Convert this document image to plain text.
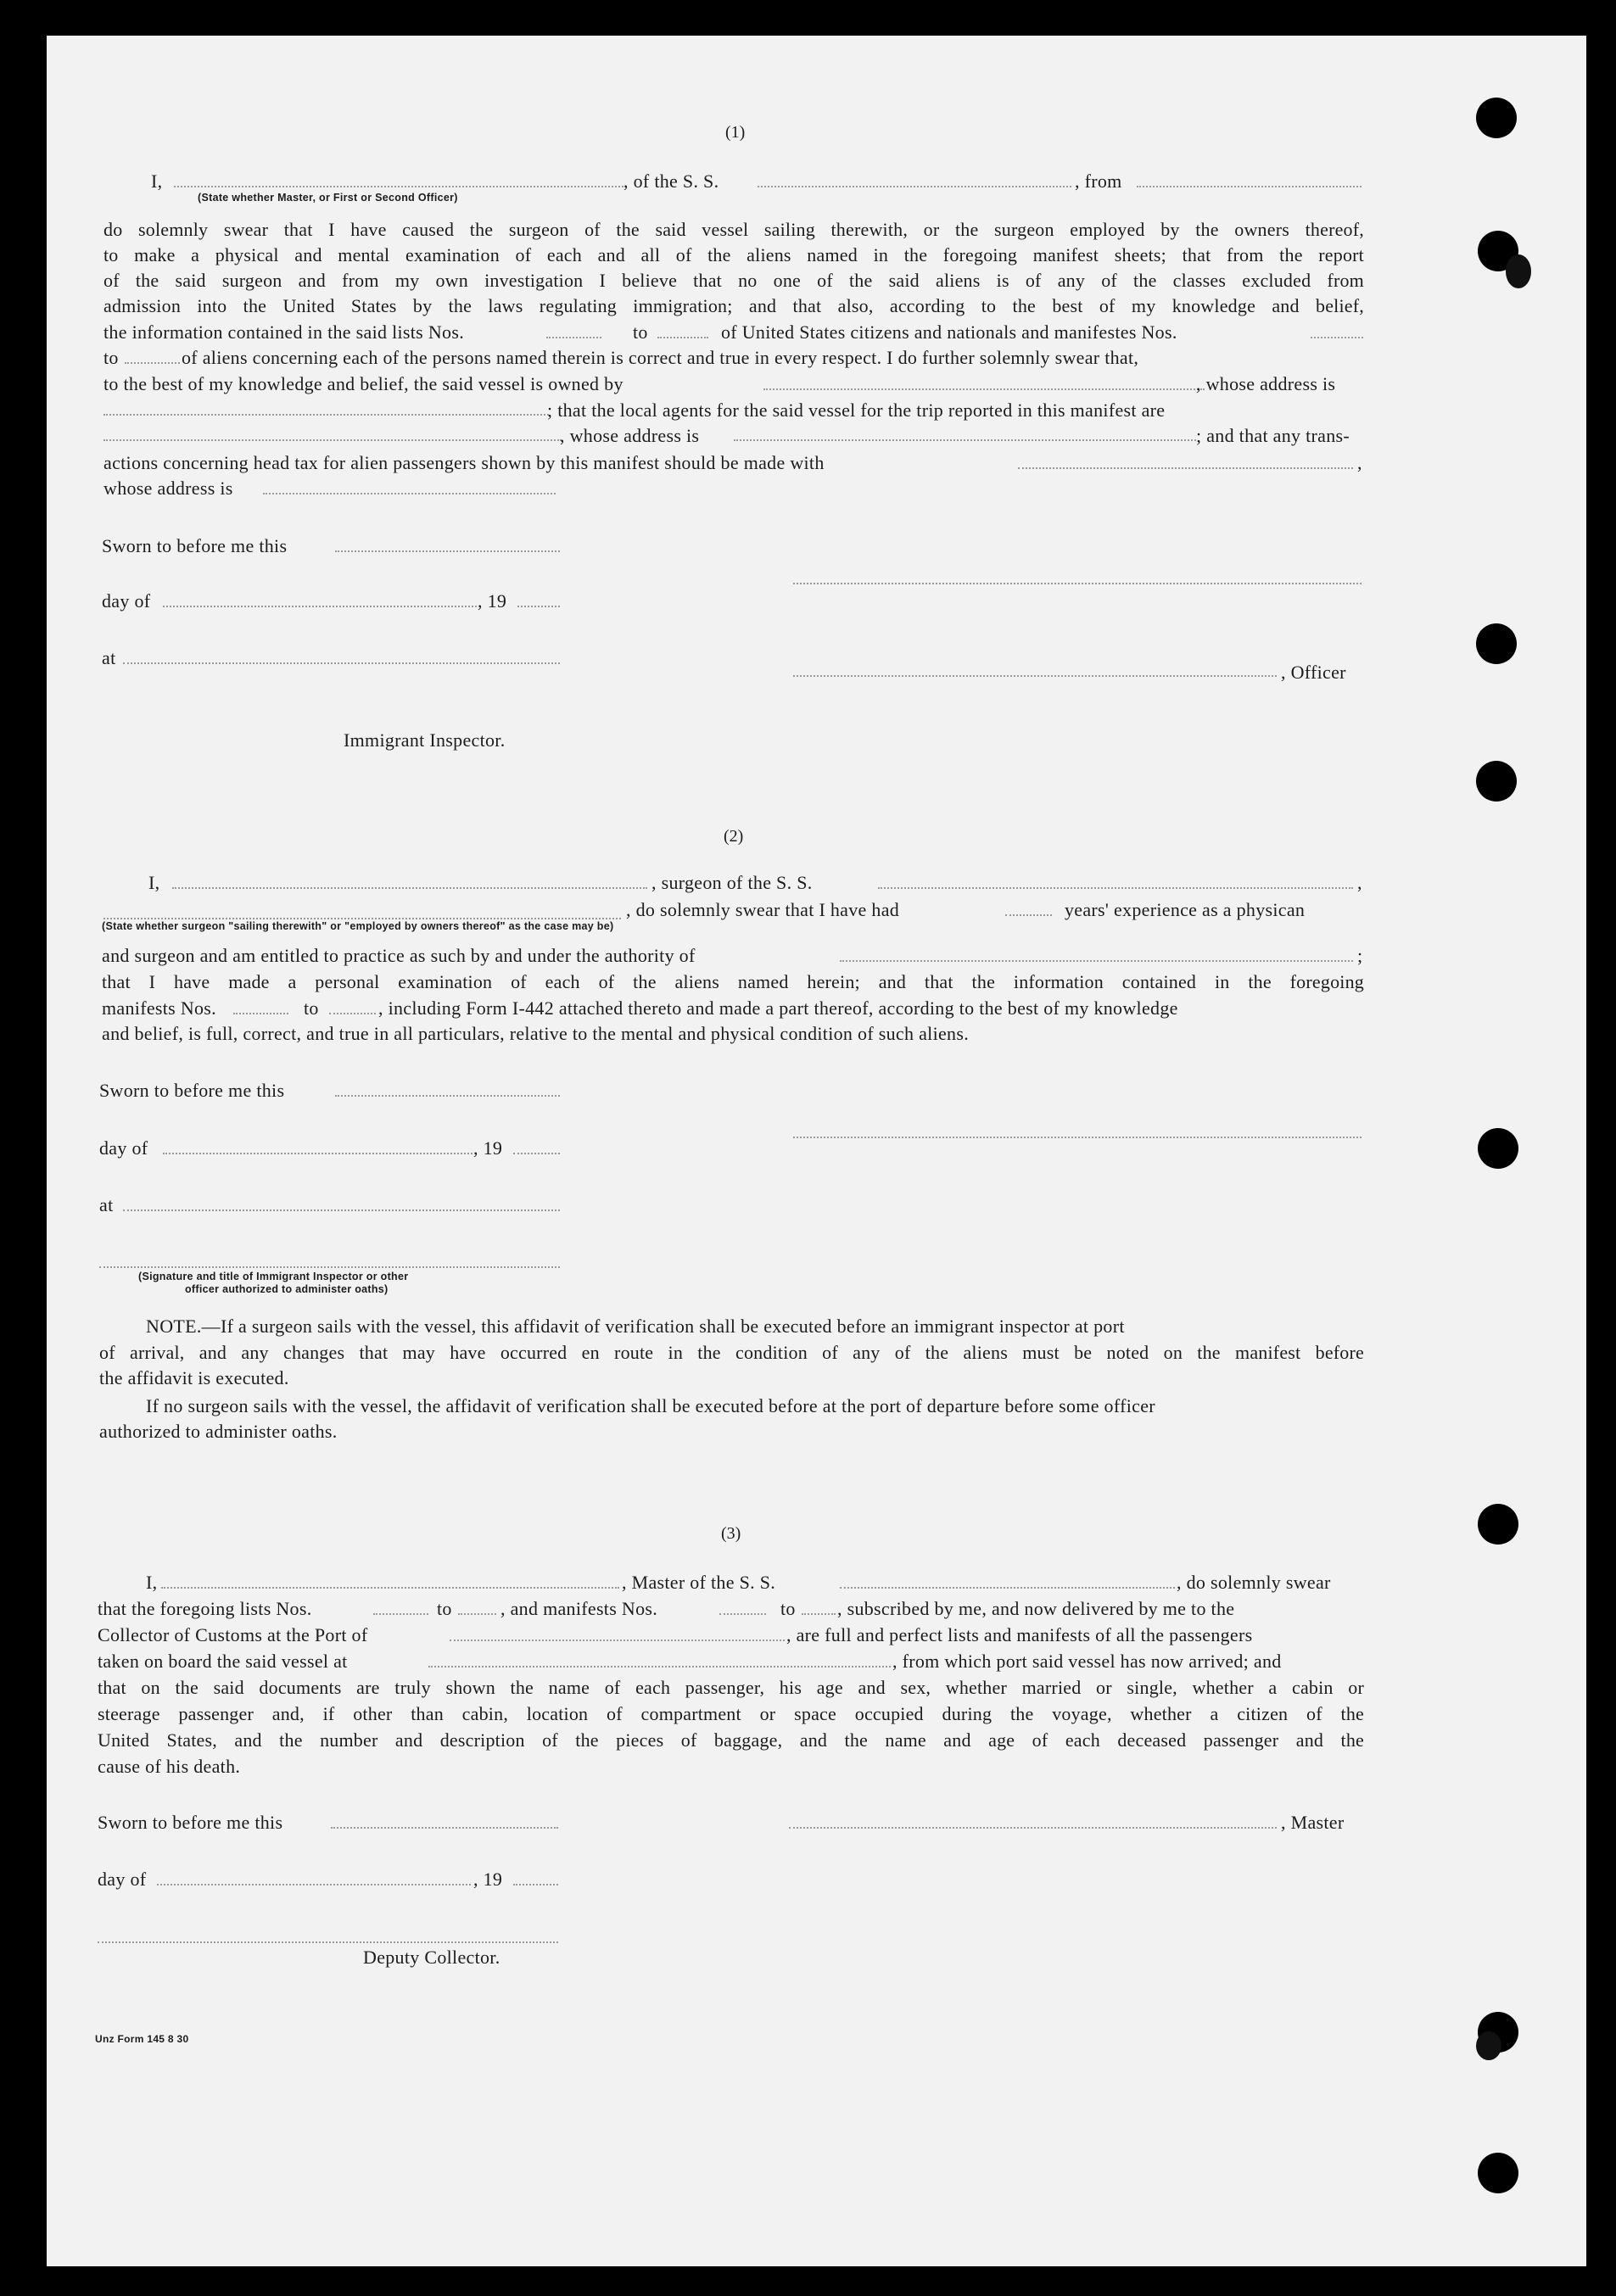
(1)
I,	, of the S. S.	, from
(State whether Master, or First or Second Officer)
do solemnly swear that I have caused the surgeon of the said vessel sailing therewith, or the surgeon employed by the owners thereof,
to make a physical and mental examination of each and all of the aliens named in the foregoing manifest sheets; that from the report
of the said surgeon and from my own investigation I believe that no one of the said aliens is of any of the classes excluded from
admission into the United States by the laws regulating immigration; and that also, according to the best of my knowledge and belief,
the information contained in the said lists Nos.	to	of United States citizens and nationals and manifestes Nos.
to	of aliens concerning each of the persons named therein is correct and true in every respect. I do further solemnly swear that,
to the best of my knowledge and belief, the said vessel is owned by	, whose address is
; that the local agents for the said vessel for the trip reported in this manifest are
, whose address is	; and that any trans-
actions concerning head tax for alien passengers shown by this manifest should be made with	,
whose address is
Sworn to before me this
day of	, 19
at
, Officer
Immigrant Inspector.
(2)
I,	, surgeon of the S. S.	,
, do solemnly swear that I have had	years' experience as a physican
(State whether surgeon "sailing therewith" or "employed by owners thereof" as the case may be)
and surgeon and am entitled to practice as such by and under the authority of	;
that I have made a personal examination of each of the aliens named herein; and that the information contained in the foregoing
manifests Nos.	to	, including Form I-442 attached thereto and made a part thereof, according to the best of my knowledge
and belief, is full, correct, and true in all particulars, relative to the mental and physical condition of such aliens.
Sworn to before me this
day of	, 19
at
(Signature and title of Immigrant Inspector or other
officer authorized to administer oaths)
NOTE.—If a surgeon sails with the vessel, this affidavit of verification shall be executed before an immigrant inspector at port
of arrival, and any changes that may have occurred en route in the condition of any of the aliens must be noted on the manifest before
the affidavit is executed.
If no surgeon sails with the vessel, the affidavit of verification shall be executed before at the port of departure before some officer
authorized to administer oaths.
(3)
I,	, Master of the S. S.	, do solemnly swear
that the foregoing lists Nos.	to	, and manifests Nos.	to , subscribed by me, and now delivered by me to the
Collector of Customs at the Port of	, are full and perfect lists and manifests of all the passengers
taken on board the said vessel at	, from which port said vessel has now arrived; and
that on the said documents are truly shown the name of each passenger, his age and sex, whether married or single, whether a cabin or
steerage passenger and, if other than cabin, location of compartment or space occupied during the voyage, whether a citizen of the
United States, and the number and description of the pieces of baggage, and the name and age of each deceased passenger and the
cause of his death.
Sworn to before me this	, Master
day of	, 19
Deputy Collector.
Unz Form 145 8 30
